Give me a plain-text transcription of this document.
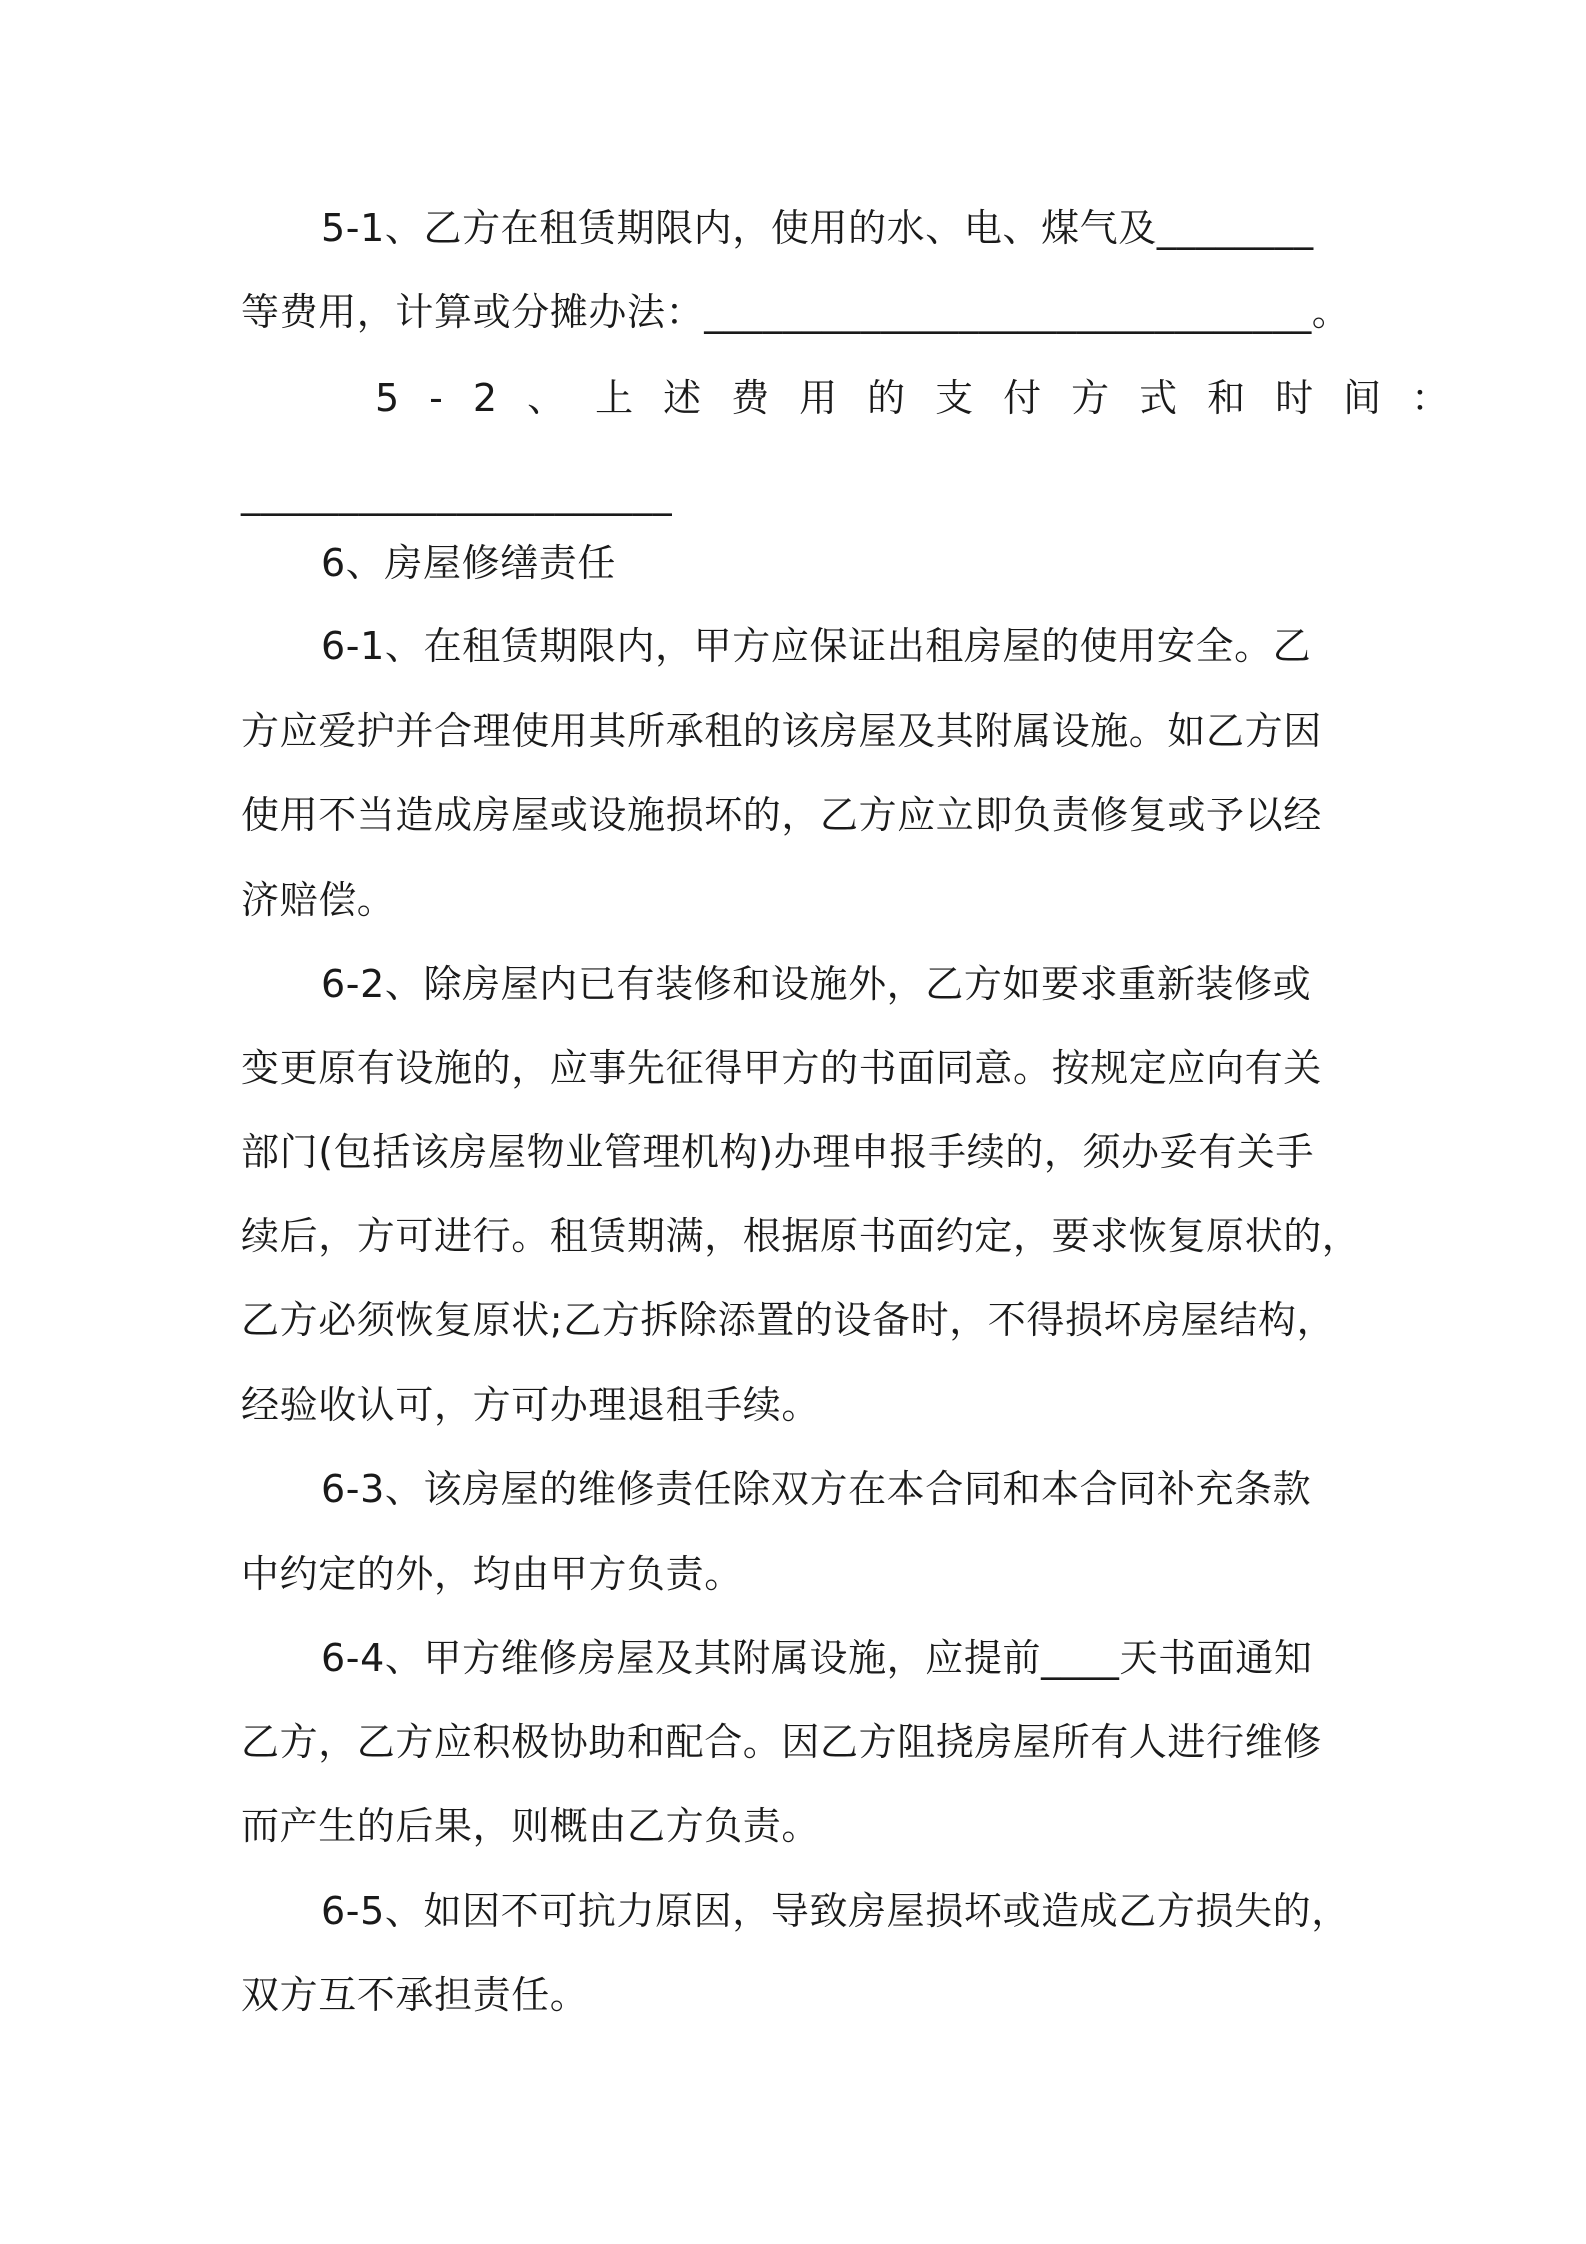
5-1、乙方在租赁期限内，使用的水、电、煤气及________
等费用，计算或分摊办法：_______________________________。
5-2、上述费用的支付方式和时间：
______________________
6、房屋修缮责任
6-1、在租赁期限内，甲方应保证出租房屋的使用安全。乙
方应爱护并合理使用其所承租的该房屋及其附属设施。如乙方因
使用不当造成房屋或设施损坏的，乙方应立即负责修复或予以经
济赔偿。
6-2、除房屋内已有装修和设施外，乙方如要求重新装修或
变更原有设施的，应事先征得甲方的书面同意。按规定应向有关
部门(包括该房屋物业管理机构)办理申报手续的，须办妥有关手
续后，方可进行。租赁期满，根据原书面约定，要求恢复原状的，
乙方必须恢复原状;乙方拆除添置的设备时，不得损坏房屋结构，
经验收认可，方可办理退租手续。
6-3、该房屋的维修责任除双方在本合同和本合同补充条款
中约定的外，均由甲方负责。
6-4、甲方维修房屋及其附属设施，应提前____天书面通知
乙方，乙方应积极协助和配合。因乙方阻挠房屋所有人进行维修
而产生的后果，则概由乙方负责。
6-5、如因不可抗力原因，导致房屋损坏或造成乙方损失的，
双方互不承担责任。
